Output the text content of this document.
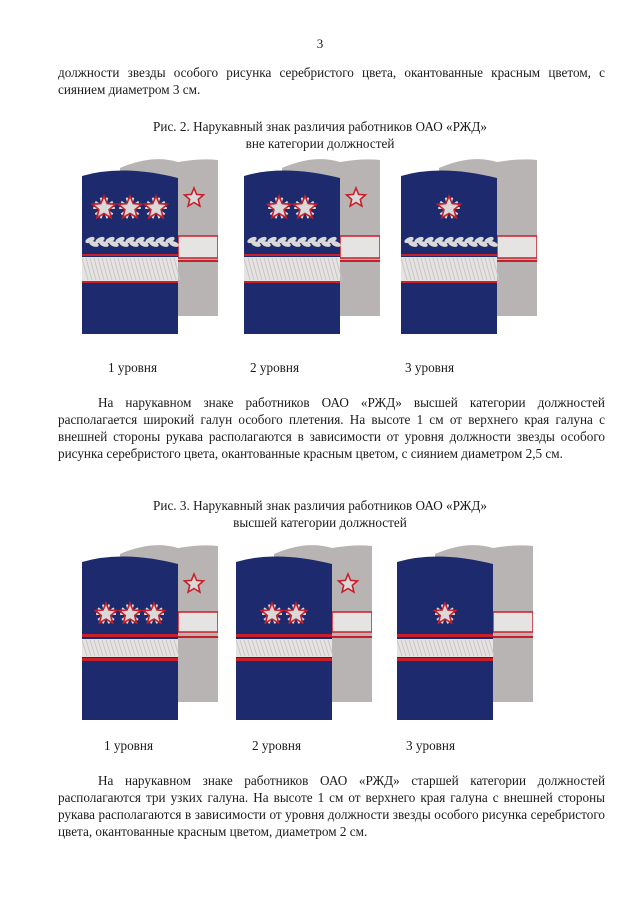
3

должности звезды особого рисунка серебристого цвета, окантованные красным цветом, с сиянием диаметром 3 см.

Рис. 2. Нарукавный знак различия работников ОАО «РЖД»

вне категории должностей

1 уровня	2 уровня	3 уровня

На нарукавном знаке работников ОАО «РЖД» высшей категории должностей располагается широкий галун особого плетения. На высоте 1 см от верхнего края галуна с внешней стороны рукава располагаются в зависимости от уровня должности звезды особого рисунка серебристого цвета, окантованные красным цветом, с сиянием диаметром 2,5 см.

Рис. 3. Нарукавный знак различия работников ОАО «РЖД»

высшей категории должностей

1 уровня	2 уровня	3 уровня

На нарукавном знаке работников ОАО «РЖД» старшей категории должностей располагаются три узких галуна. На высоте 1 см от верхнего края галуна с внешней стороны рукава располагаются в зависимости от уровня должности звезды особого рисунка серебристого цвета, окантованные красным цветом, диаметром 2 см.
